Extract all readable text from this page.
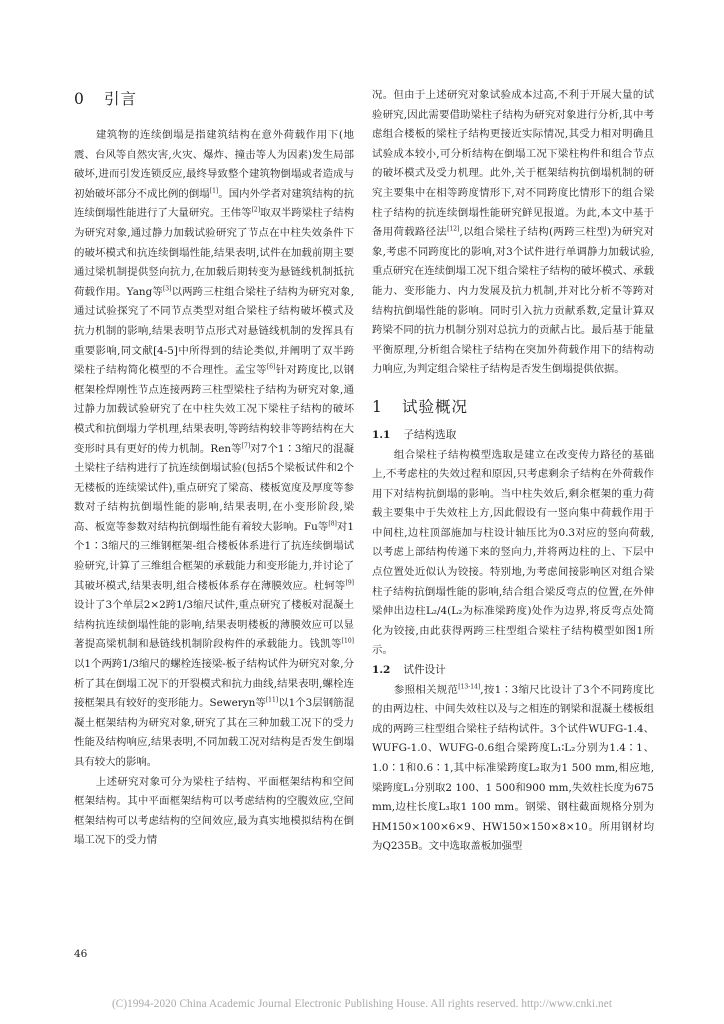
0 引言

建筑物的连续倒塌是指建筑结构在意外荷载作用下(地震、台风等自然灾害,火灾、爆炸、撞击等人为因素)发生局部破坏,进而引发连锁反应,最终导致整个建筑物倒塌或者造成与初始破坏部分不成比例的倒塌[1]。国内外学者对建筑结构的抗连续倒塌性能进行了大量研究。王伟等[2]取双半跨梁柱子结构为研究对象,通过静力加载试验研究了节点在中柱失效条件下的破坏模式和抗连续倒塌性能,结果表明,试件在加载前期主要通过梁机制提供竖向抗力,在加载后期转变为悬链线机制抵抗荷载作用。Yang等[3]以两跨三柱组合梁柱子结构为研究对象,通过试验探究了不同节点类型对组合梁柱子结构破坏模式及抗力机制的影响,结果表明节点形式对悬链线机制的发挥具有重要影响,同文献[4-5]中所得到的结论类似,并阐明了双半跨梁柱子结构简化模型的不合理性。孟宝等[6]针对跨度比,以钢框架栓焊刚性节点连接两跨三柱型梁柱子结构为研究对象,通过静力加载试验研究了在中柱失效工况下梁柱子结构的破坏模式和抗倒塌力学机理,结果表明,等跨结构较非等跨结构在大变形时具有更好的传力机制。Ren等[7]对7个1∶3缩尺的混凝土梁柱子结构进行了抗连续倒塌试验(包括5个梁板试件和2个无楼板的连续梁试件),重点研究了梁高、楼板宽度及厚度等参数对子结构抗倒塌性能的影响,结果表明,在小变形阶段,梁高、板宽等参数对结构抗倒塌性能有着较大影响。Fu等[8]对1个1∶3缩尺的三维钢框架-组合楼板体系进行了抗连续倒塌试验研究,计算了三维组合框架的承载能力和变形能力,并讨论了其破坏模式,结果表明,组合楼板体系存在薄膜效应。杜轲等[9]设计了3个单层2×2跨1/3缩尺试件,重点研究了楼板对混凝土结构抗连续倒塌性能的影响,结果表明楼板的薄膜效应可以显著提高梁机制和悬链线机制阶段构件的承载能力。钱凯等[10]以1个两跨1/3缩尺的螺栓连接梁-板子结构试件为研究对象,分析了其在倒塌工况下的开裂模式和抗力曲线,结果表明,螺栓连接框架具有较好的变形能力。Seweryn等[11]以1个3层钢筋混凝土框架结构为研究对象,研究了其在三种加载工况下的受力性能及结构响应,结果表明,不同加载工况对结构是否发生倒塌具有较大的影响。

上述研究对象可分为梁柱子结构、平面框架结构和空间框架结构。其中平面框架结构可以考虑结构的空腹效应,空间框架结构可以考虑结构的空间效应,最为真实地模拟结构在倒塌工况下的受力情

况。但由于上述研究对象试验成本过高,不利于开展大量的试验研究,因此需要借助梁柱子结构为研究对象进行分析,其中考虑组合楼板的梁柱子结构更接近实际情况,其受力相对明确且试验成本较小,可分析结构在倒塌工况下梁柱构件和组合节点的破坏模式及受力机理。此外,关于框架结构抗倒塌机制的研究主要集中在相等跨度情形下,对不同跨度比情形下的组合梁柱子结构的抗连续倒塌性能研究鲜见报道。为此,本文中基于备用荷载路径法[12],以组合梁柱子结构(两跨三柱型)为研究对象,考虑不同跨度比的影响,对3个试件进行单调静力加载试验,重点研究在连续倒塌工况下组合梁柱子结构的破坏模式、承载能力、变形能力、内力发展及抗力机制,并对比分析不等跨对结构抗倒塌性能的影响。同时引入抗力贡献系数,定量计算双跨梁不同的抗力机制分别对总抗力的贡献占比。最后基于能量平衡原理,分析组合梁柱子结构在突加外荷载作用下的结构动力响应,为判定组合梁柱子结构是否发生倒塌提供依据。

1 试验概况
1.1 子结构选取

组合梁柱子结构模型选取是建立在改变传力路径的基础上,不考虑柱的失效过程和原因,只考虑剩余子结构在外荷载作用下对结构抗倒塌的影响。当中柱失效后,剩余框架的重力荷载主要集中于失效柱上方,因此假设有一竖向集中荷载作用于中间柱,边柱顶部施加与柱设计轴压比为0.3对应的竖向荷载,以考虑上部结构传递下来的竖向力,并将两边柱的上、下层中点位置处近似认为铰接。特别地,为考虑间接影响区对组合梁柱子结构抗倒塌性能的影响,结合组合梁反弯点的位置,在外伸梁伸出边柱L₂/4(L₂为标准梁跨度)处作为边界,将反弯点处简化为铰接,由此获得两跨三柱型组合梁柱子结构模型如图1所示。

1.2 试件设计

参照相关规范[13-14],按1∶3缩尺比设计了3个不同跨度比的由两边柱、中间失效柱以及与之相连的钢梁和混凝土楼板组成的两跨三柱型组合梁柱子结构试件。3个试件WUFG-1.4、WUFG-1.0、WUFG-0.6组合梁跨度L₁∶L₂分别为1.4∶1、1.0∶1和0.6∶1,其中标准梁跨度L₂取为1 500 mm,相应地,梁跨度L₁分别取2 100、1 500和900 mm,失效柱长度为675 mm,边柱长度L₃取1 100 mm。钢梁、钢柱截面规格分别为HM150×100×6×9、HW150×150×8×10。所用钢材均为Q235B。文中选取盖板加强型

46
(C)1994-2020 China Academic Journal Electronic Publishing House. All rights reserved. http://www.cnki.net
